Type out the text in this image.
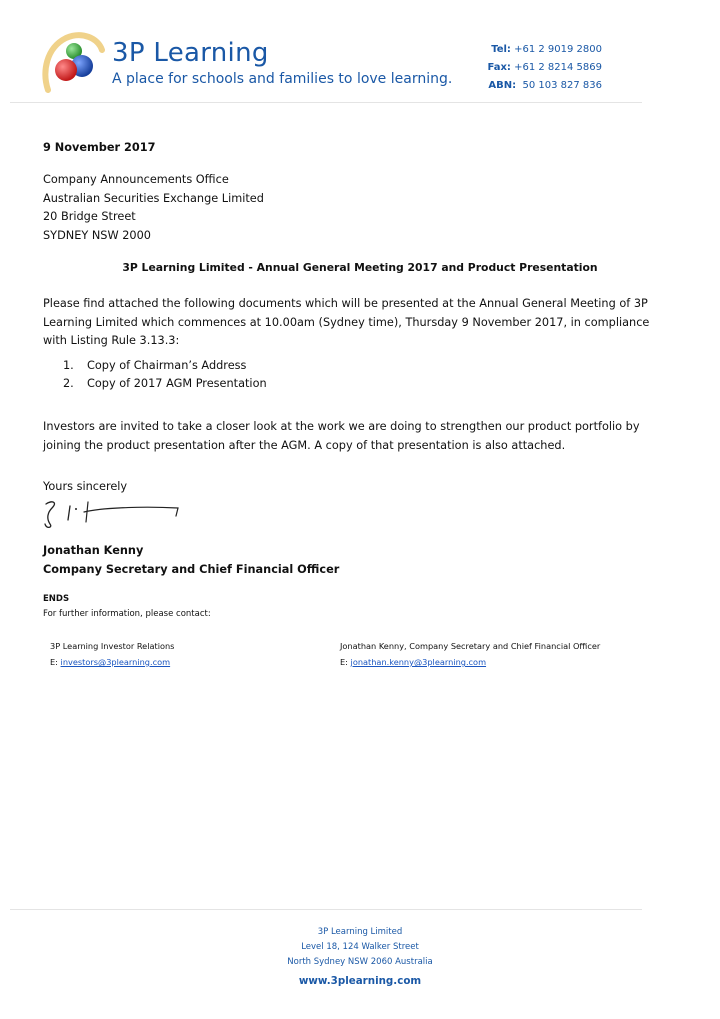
3P Learning
A place for schools and families to love learning.
Tel: +61 2 9019 2800
Fax: +61 2 8214 5869
ABN: 50 103 827 836
9 November 2017
Company Announcements Office
Australian Securities Exchange Limited
20 Bridge Street
SYDNEY NSW 2000
3P Learning Limited - Annual General Meeting 2017 and Product Presentation
Please find attached the following documents which will be presented at the Annual General Meeting of 3P Learning Limited which commences at 10.00am (Sydney time), Thursday 9 November 2017, in compliance with Listing Rule 3.13.3:
1. Copy of Chairman’s Address
2. Copy of 2017 AGM Presentation
Investors are invited to take a closer look at the work we are doing to strengthen our product portfolio by joining the product presentation after the AGM. A copy of that presentation is also attached.
Yours sincerely
Jonathan Kenny
Company Secretary and Chief Financial Officer
ENDS
For further information, please contact:
3P Learning Investor Relations
E: investors@3plearning.com
Jonathan Kenny, Company Secretary and Chief Financial Officer
E: jonathan.kenny@3plearning.com
3P Learning Limited
Level 18, 124 Walker Street
North Sydney NSW 2060 Australia
www.3plearning.com
